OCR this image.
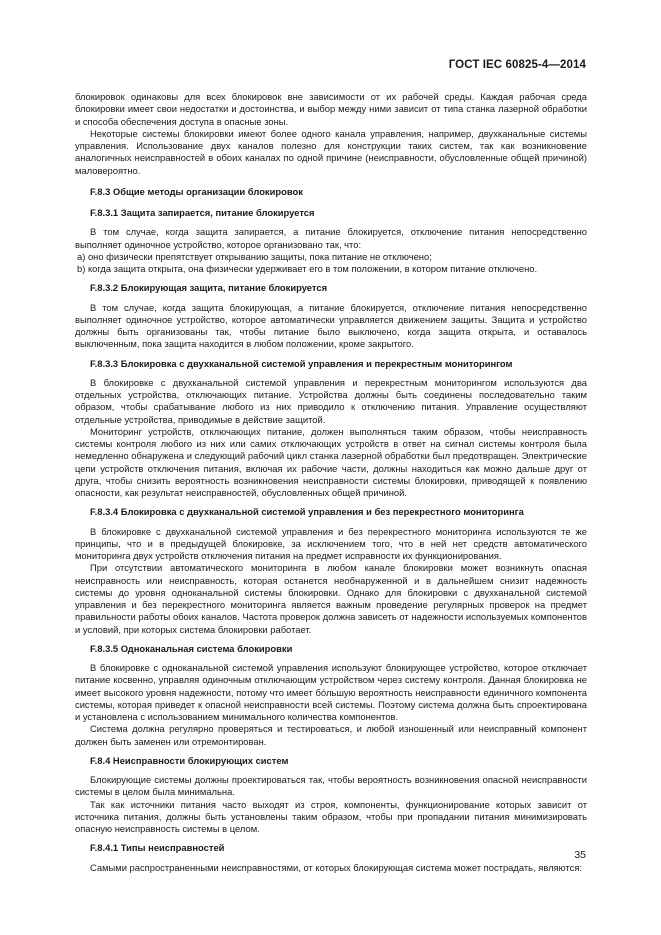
ГОСТ IEC 60825-4—2014

блокировок одинаковы для всех блокировок вне зависимости от их рабочей среды. Каждая рабочая среда блокировки имеет свои недостатки и достоинства, и выбор между ними зависит от типа станка лазерной обработки и способа обеспечения доступа в опасные зоны.

Некоторые системы блокировки имеют более одного канала управления, например, двухканальные системы управления. Использование двух каналов полезно для конструкции таких систем, так как возникновение аналогичных неисправностей в обоих каналах по одной причине (неисправности, обусловленные общей причиной) маловероятно.

F.8.3 Общие методы организации блокировок
F.8.3.1 Защита запирается, питание блокируется

В том случае, когда защита запирается, а питание блокируется, отключение питания непосредственно выполняет одиночное устройство, которое организовано так, что:

a) оно физически препятствует открыванию защиты, пока питание не отключено;

b) когда защита открыта, она физически удерживает его в том положении, в котором питание отключено.

F.8.3.2 Блокирующая защита, питание блокируется

В том случае, когда защита блокирующая, а питание блокируется, отключение питания непосредственно выполняет одиночное устройство, которое автоматически управляется движением защиты. Защита и устройство должны быть организованы так, чтобы питание было выключено, когда защита открыта, и оставалось выключенным, пока защита находится в любом положении, кроме закрытого.

F.8.3.3 Блокировка с двухканальной системой управления и перекрестным мониторингом

В блокировке с двухканальной системой управления и перекрестным мониторингом используются два отдельных устройства, отключающих питание. Устройства должны быть соединены последовательно таким образом, чтобы срабатывание любого из них приводило к отключению питания. Управление осуществляют отдельные устройства, приводимые в действие защитой.

Мониторинг устройств, отключающих питание, должен выполняться таким образом, чтобы неисправность системы контроля любого из них или самих отключающих устройств в ответ на сигнал системы контроля была немедленно обнаружена и следующий рабочий цикл станка лазерной обработки был предотвращен. Электрические цепи устройств отключения питания, включая их рабочие части, должны находиться как можно дальше друг от друга, чтобы снизить вероятность возникновения неисправности системы блокировки, приводящей к появлению опасности, как результат неисправностей, обусловленных общей причиной.

F.8.3.4 Блокировка с двухканальной системой управления и без перекрестного мониторинга

В блокировке с двухканальной системой управления и без перекрестного мониторинга используются те же принципы, что и в предыдущей блокировке, за исключением того, что в ней нет средств автоматического мониторинга двух устройств отключения питания на предмет исправности их функционирования.

При отсутствии автоматического мониторинга в любом канале блокировки может возникнуть опасная неисправность или неисправность, которая останется необнаруженной и в дальнейшем снизит надежность системы до уровня одноканальной системы блокировки. Однако для блокировки с двухканальной системой управления и без перекрестного мониторинга является важным проведение регулярных проверок на предмет правильности работы обоих каналов. Частота проверок должна зависеть от надежности используемых компонентов и условий, при которых система блокировки работает.

F.8.3.5 Одноканальная система блокировки

В блокировке с одноканальной системой управления используют блокирующее устройство, которое отключает питание косвенно, управляя одиночным отключающим устройством через систему контроля. Данная блокировка не имеет высокого уровня надежности, потому что имеет бо́льшую вероятность неисправности единичного компонента системы, которая приведет к опасной неисправности всей системы. Поэтому система должна быть спроектирована и установлена с использованием минимального количества компонентов.

Система должна регулярно проверяться и тестироваться, и любой изношенный или неисправный компонент должен быть заменен или отремонтирован.

F.8.4 Неисправности блокирующих систем

Блокирующие системы должны проектироваться так, чтобы вероятность возникновения опасной неисправности системы в целом была минимальна.

Так как источники питания часто выходят из строя, компоненты, функционирование которых зависит от источника питания, должны быть установлены таким образом, чтобы при пропадании питания минимизировать опасную неисправность системы в целом.

F.8.4.1 Типы неисправностей

Самыми распространенными неисправностями, от которых блокирующая система может пострадать, являются:

35
